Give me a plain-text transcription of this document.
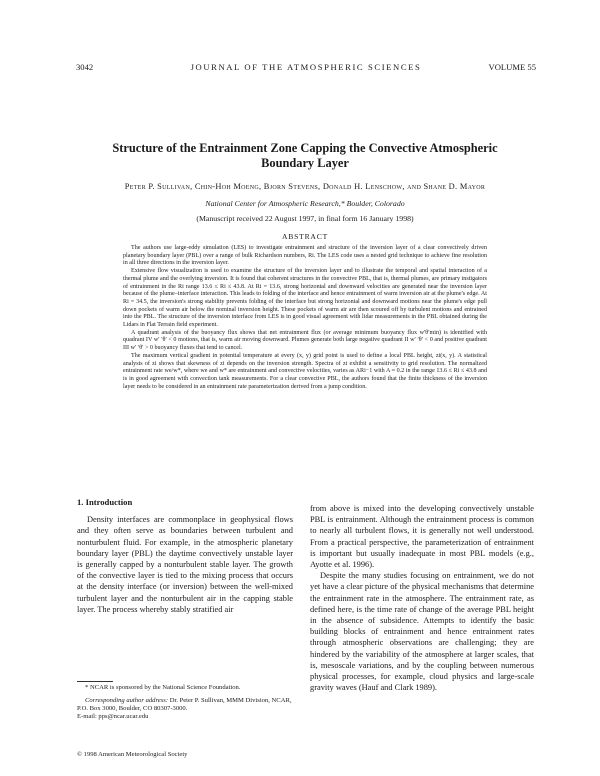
3042	JOURNAL OF THE ATMOSPHERIC SCIENCES	VOLUME 55
Structure of the Entrainment Zone Capping the Convective Atmospheric Boundary Layer
Peter P. Sullivan, Chin-Hoh Moeng, Bjorn Stevens, Donald H. Lenschow, and Shane D. Mayor
National Center for Atmospheric Research,* Boulder, Colorado
(Manuscript received 22 August 1997, in final form 16 January 1998)
ABSTRACT

The authors use large-eddy simulation (LES) to investigate entrainment and structure of the inversion layer of a clear convectively driven planetary boundary layer (PBL) over a range of bulk Richardson numbers, Ri. The LES code uses a nested grid technique to achieve fine resolution in all three directions in the inversion layer.

Extensive flow visualization is used to examine the structure of the inversion layer and to illustrate the temporal and spatial interaction of a thermal plume and the overlying inversion. It is found that coherent structures in the convective PBL, that is, thermal plumes, are primary instigators of entrainment in the Ri range 13.6 ≤ Ri ≤ 43.8. At Ri = 13.6, strong horizontal and downward velocities are generated near the inversion layer because of the plume–interface interaction. This leads to folding of the interface and hence entrainment of warm inversion air at the plume's edge. At Ri = 34.5, the inversion's strong stability prevents folding of the interface but strong horizontal and downward motions near the plume's edge pull down pockets of warm air below the nominal inversion height. These pockets of warm air are then scoured off by turbulent motions and entrained into the PBL. The structure of the inversion interface from LES is in good visual agreement with lidar measurements in the PBL obtained during the Lidars in Flat Terrain field experiment.

A quadrant analysis of the buoyancy flux shows that net entrainment flux (or average minimum buoyancy flux w′θ′min) is identified with quadrant IV w′ ′θ′ < 0 motions, that is, warm air moving downward. Plumes generate both large negative quadrant II w′ ′θ′ < 0 and positive quadrant III w′ ′θ′ > 0 buoyancy fluxes that tend to cancel.

The maximum vertical gradient in potential temperature at every (x, y) grid point is used to define a local PBL height, zi(x, y). A statistical analysis of zi shows that skewness of zi depends on the inversion strength. Spectra of zi exhibit a sensitivity to grid resolution. The normalized entrainment rate we/w*, where we and w* are entrainment and convective velocities, varies as ARi−1 with A ≈ 0.2 in the range 13.6 ≤ Ri ≤ 43.8 and is in good agreement with convection tank measurements. For a clear convective PBL, the authors found that the finite thickness of the inversion layer needs to be considered in an entrainment rate parameterization derived from a jump condition.

1. Introduction

Density interfaces are commonplace in geophysical flows and they often serve as boundaries between turbulent and nonturbulent fluid. For example, in the atmospheric planetary boundary layer (PBL) the daytime convectively unstable layer is generally capped by a nonturbulent stable layer. The growth of the convective layer is tied to the mixing process that occurs at the density interface (or inversion) between the well-mixed turbulent layer and the nonturbulent air in the capping stable layer. The process whereby stably stratified air

from above is mixed into the developing convectively unstable PBL is entrainment. Although the entrainment process is common to nearly all turbulent flows, it is generally not well understood. From a practical perspective, the parameterization of entrainment is important but usually inadequate in most PBL models (e.g., Ayotte et al. 1996).

Despite the many studies focusing on entrainment, we do not yet have a clear picture of the physical mechanisms that determine the entrainment rate in the atmosphere. The entrainment rate, as defined here, is the time rate of change of the average PBL height in the absence of subsidence. Attempts to identify the basic building blocks of entrainment and hence entrainment rates through atmospheric observations are challenging; they are hindered by the variability of the atmosphere at larger scales, that is, mesoscale variations, and by the coupling between numerous physical processes, for example, cloud physics and large-scale gravity waves (Hauf and Clark 1989).

* NCAR is sponsored by the National Science Foundation.

Corresponding author address: Dr. Peter P. Sullivan, MMM Division, NCAR, P.O. Box 3000, Boulder, CO 80307-3000.

E-mail: pps@ncar.ucar.edu

© 1998 American Meteorological Society
